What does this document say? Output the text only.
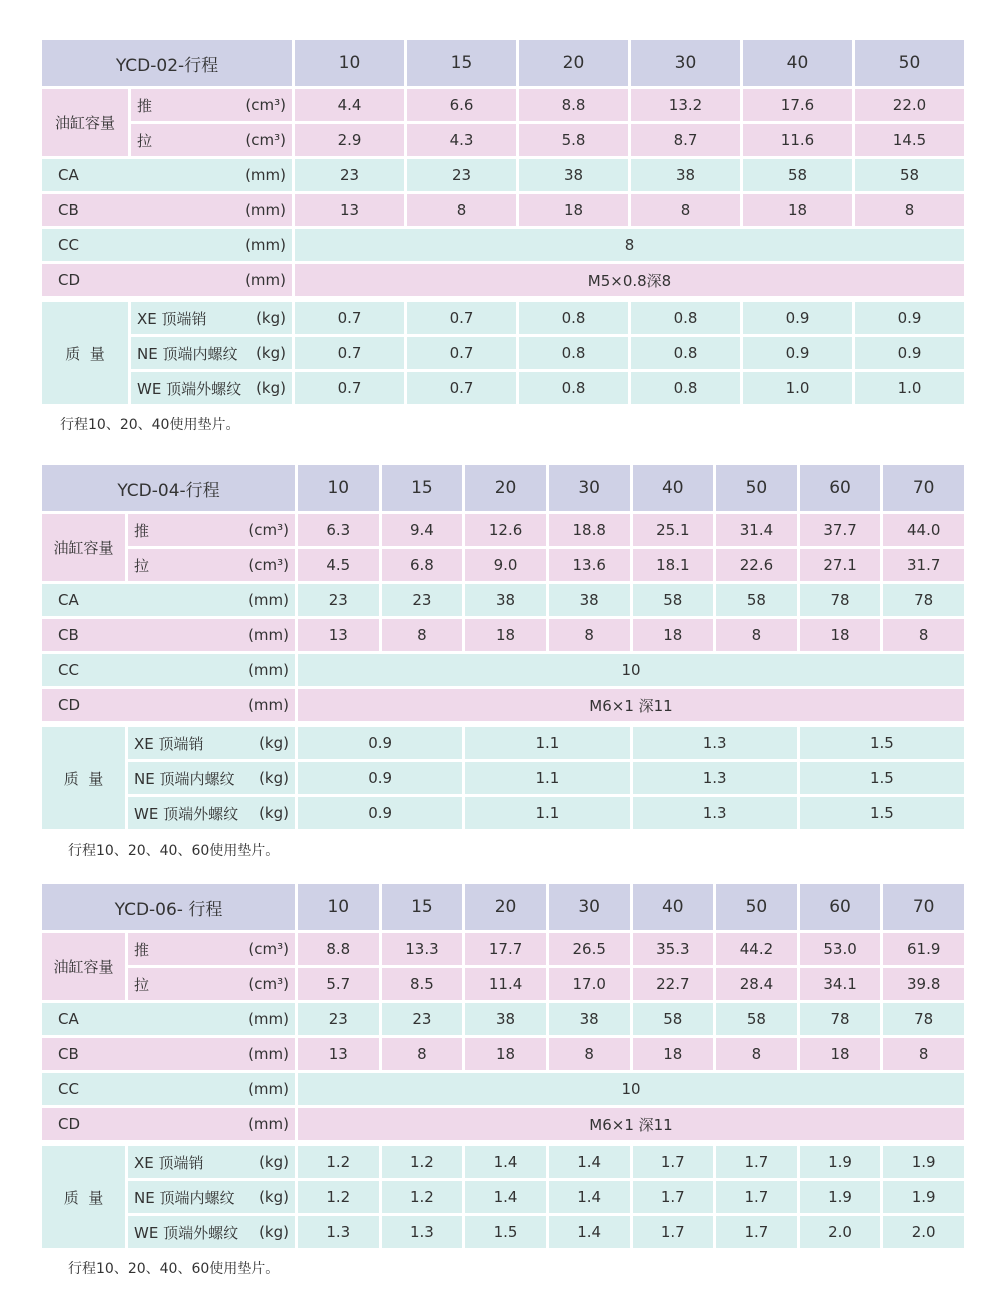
YCD-02-行程	10	15	20	30	40	50
油缸容量
推	(cm³)	4.4	6.6	8.8	13.2	17.6	22.0
拉	(cm³)	2.9	4.3	5.8	8.7	11.6	14.5
CA	(mm)	23	23	38	38	58	58
CB	(mm)	13	8	18	8	18	8
CC	(mm)	8
CD	(mm)	M5×0.8深8
质  量
XE 顶端销	(kg)	0.7	0.7	0.8	0.8	0.9	0.9
NE 顶端内螺纹 (kg)	0.7	0.7	0.8	0.8	0.9	0.9
WE 顶端外螺纹 (kg)	0.7	0.7	0.8	0.8	1.0	1.0
行程10、20、40使用垫片。
YCD-04-行程	10	15	20	30	40	50	60	70
油缸容量
推	(cm³)	6.3	9.4	12.6	18.8	25.1	31.4	37.7	44.0
拉	(cm³)	4.5	6.8	9.0	13.6	18.1	22.6	27.1	31.7
CA	(mm)	23	23	38	38	58	58	78	78
CB	(mm)	13	8	18	8	18	8	18	8
CC	(mm)	10
CD	(mm)	M6×1 深11
质  量
XE 顶端销	(kg)	0.9	1.1	1.3	1.5
NE 顶端内螺纹 (kg)	0.9	1.1	1.3	1.5
WE 顶端外螺纹 (kg)	0.9	1.1	1.3	1.5
行程10、20、40、60使用垫片。
YCD-06- 行程	10	15	20	30	40	50	60	70
油缸容量
推	(cm³)	8.8	13.3	17.7	26.5	35.3	44.2	53.0	61.9
拉	(cm³)	5.7	8.5	11.4	17.0	22.7	28.4	34.1	39.8
CA	(mm)	23	23	38	38	58	58	78	78
CB	(mm)	13	8	18	8	18	8	18	8
CC	(mm)	10
CD	(mm)	M6×1 深11
质  量
XE 顶端销	(kg)	1.2	1.2	1.4	1.4	1.7	1.7	1.9	1.9
NE 顶端内螺纹 (kg)	1.2	1.2	1.4	1.4	1.7	1.7	1.9	1.9
WE 顶端外螺纹 (kg)	1.3	1.3	1.5	1.4	1.7	1.7	2.0	2.0
行程10、20、40、60使用垫片。
